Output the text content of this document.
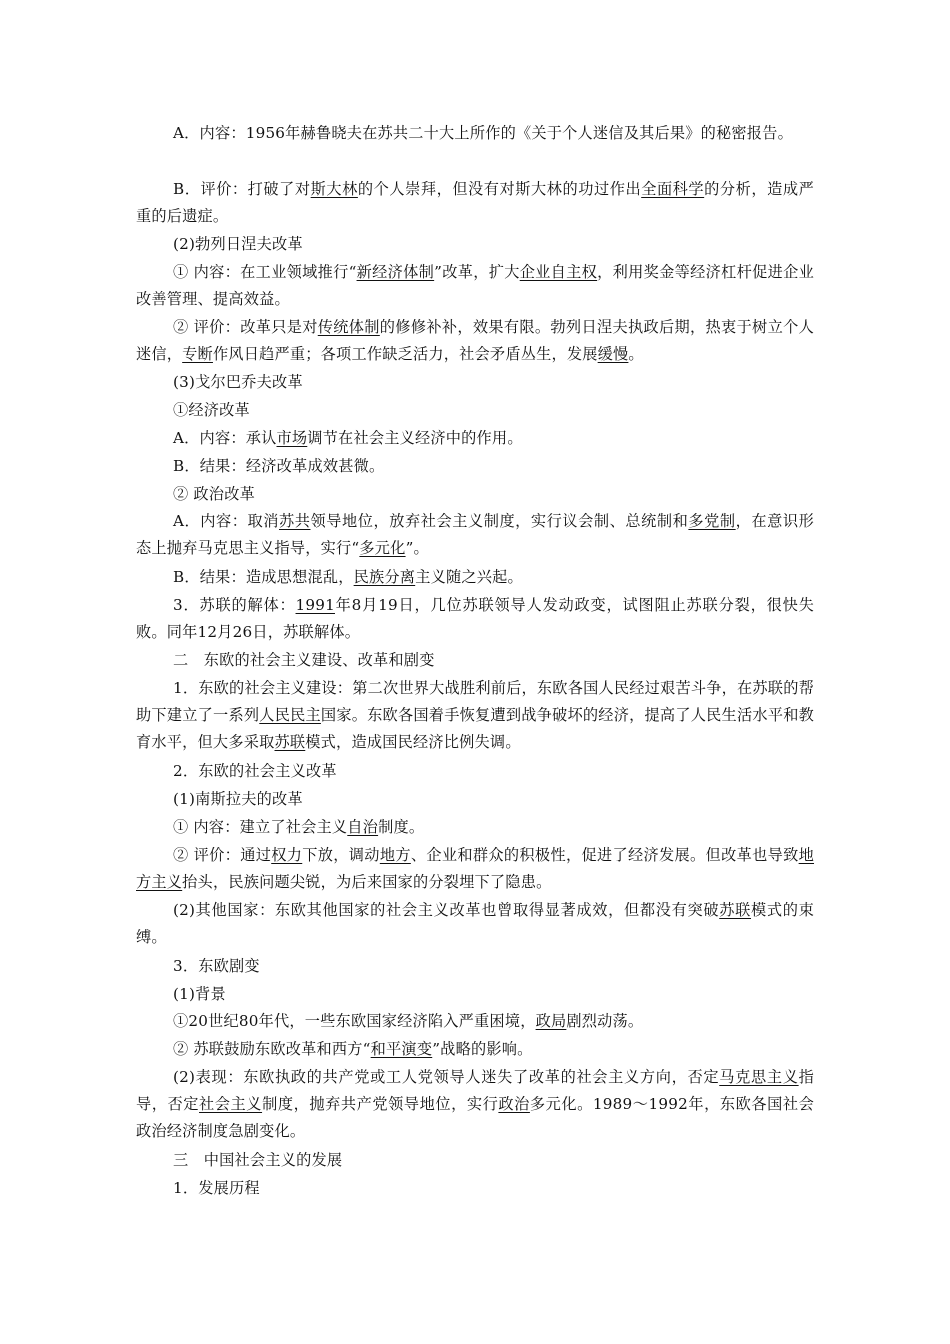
A．内容：1956年赫鲁晓夫在苏共二十大上所作的《关于个人迷信及其后果》的秘密报告。
B．评价：打破了对斯大林的个人崇拜，但没有对斯大林的功过作出全面科学的分析，造成严重的后遗症。
(2)勃列日涅夫改革
① 内容：在工业领域推行“新经济体制”改革，扩大企业自主权，利用奖金等经济杠杆促进企业改善管理、提高效益。
② 评价：改革只是对传统体制的修修补补，效果有限。勃列日涅夫执政后期，热衷于树立个人迷信，专断作风日趋严重；各项工作缺乏活力，社会矛盾丛生，发展缓慢。
(3)戈尔巴乔夫改革
①经济改革
A．内容：承认市场调节在社会主义经济中的作用。
B．结果：经济改革成效甚微。
② 政治改革
A．内容：取消苏共领导地位，放弃社会主义制度，实行议会制、总统制和多党制，在意识形态上抛弃马克思主义指导，实行“多元化”。
B．结果：造成思想混乱，民族分离主义随之兴起。
3．苏联的解体：1991年8月19日，几位苏联领导人发动政变，试图阻止苏联分裂，很快失败。同年12月26日，苏联解体。
二　东欧的社会主义建设、改革和剧变
1．东欧的社会主义建设：第二次世界大战胜利前后，东欧各国人民经过艰苦斗争，在苏联的帮助下建立了一系列人民民主国家。东欧各国着手恢复遭到战争破坏的经济，提高了人民生活水平和教育水平，但大多采取苏联模式，造成国民经济比例失调。
2．东欧的社会主义改革
(1)南斯拉夫的改革
① 内容：建立了社会主义自治制度。
② 评价：通过权力下放，调动地方、企业和群众的积极性，促进了经济发展。但改革也导致地方主义抬头，民族问题尖锐，为后来国家的分裂埋下了隐患。
(2)其他国家：东欧其他国家的社会主义改革也曾取得显著成效，但都没有突破苏联模式的束缚。
3．东欧剧变
(1)背景
①20世纪80年代，一些东欧国家经济陷入严重困境，政局剧烈动荡。
② 苏联鼓励东欧改革和西方“和平演变”战略的影响。
(2)表现：东欧执政的共产党或工人党领导人迷失了改革的社会主义方向，否定马克思主义指导，否定社会主义制度，抛弃共产党领导地位，实行政治多元化。1989～1992年，东欧各国社会政治经济制度急剧变化。
三　中国社会主义的发展
1．发展历程
